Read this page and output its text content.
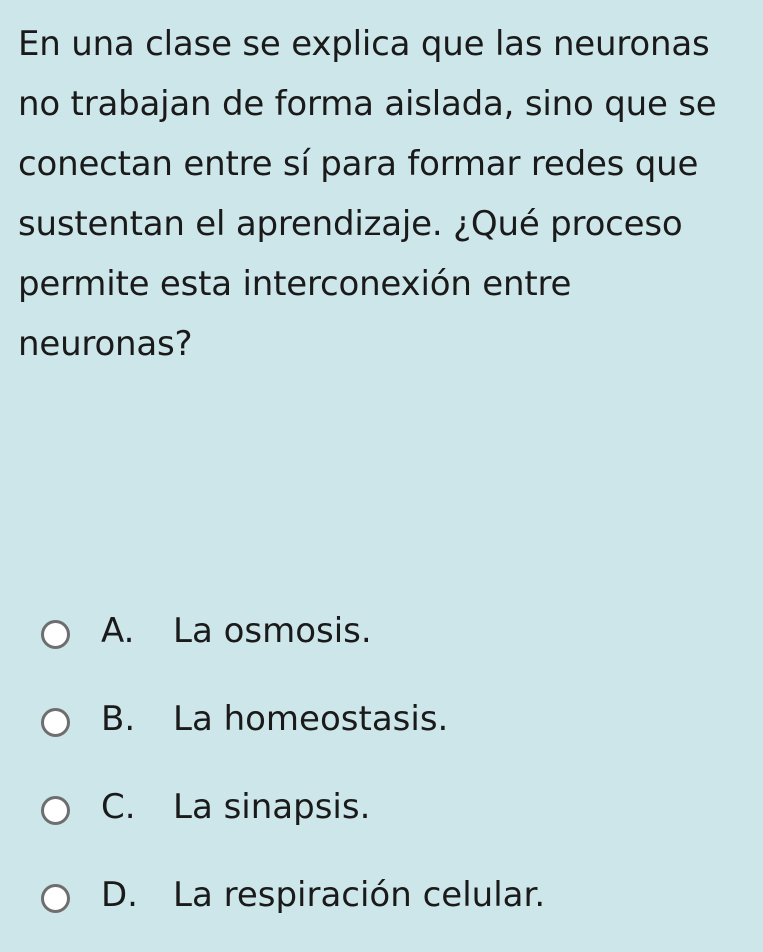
En una clase se explica que las neuronas
no trabajan de forma aislada, sino que se
conectan entre sí para formar redes que
sustentan el aprendizaje. ¿Qué proceso
permite esta interconexión entre
neuronas?

A. La osmosis.
B. La homeostasis.
C. La sinapsis.
D. La respiración celular.
